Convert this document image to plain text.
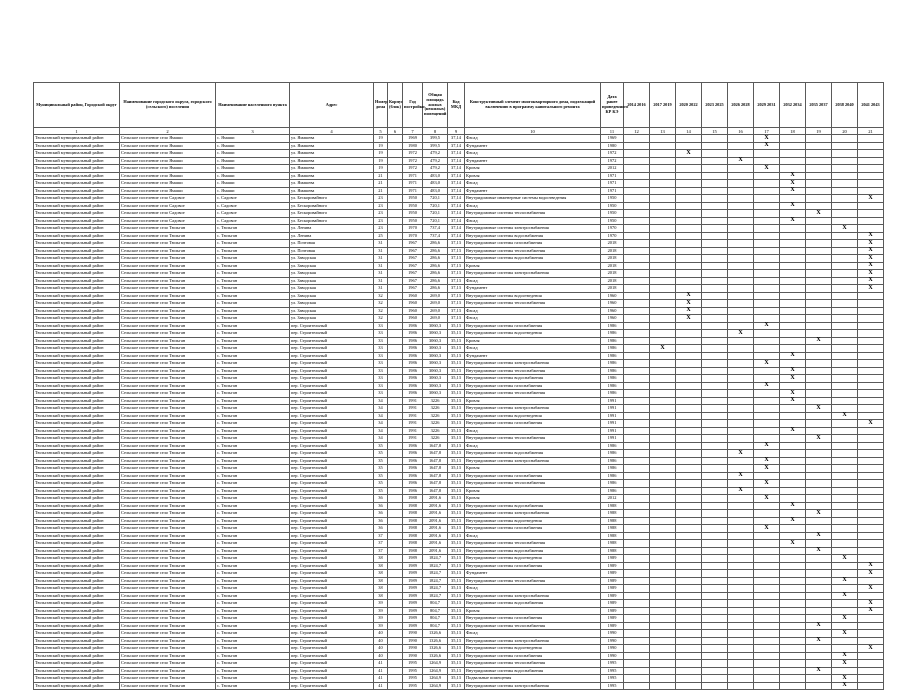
Муниципальный район, Городской округ	Наименование городского округа, городского (сельского) поселения	Наименование населенного пункта	Адрес	Номер дома	Корпус (блок)	Год постройки	Общая площадь жилых (нежилых) помещений	Код МКД	Конструктивный элемент многоквартирного дома, подлежащий включению в программу капитального ремонта	Дата ранее проведенного КР КЭ	2014 2016	2017 2019	2020 2022	2023 2025	2026 2028	2029 2031	2032 2034	2035 2037	2038 2040	2041 2043
1	2	3	4	5	6	7	8	9	10	11	12	13	14	15	16	17	18	19	20	21
Тюльганский муниципальный район	Сельское поселение село Ямаши	с. Ямаши	ул. Ямашева	19		1969	399,5	37,14	Фасад	1969						X				
Тюльганский муниципальный район	Сельское поселение село Ямаши	с. Ямаши	ул. Ямашева	19		1980	399,5	37,14	Фундамент	1980						X				
Тюльганский муниципальный район	Сельское поселение село Ямаши	с. Ямаши	ул. Ямашева	19		1972	479,2	37,14	Фасад	1972			X							
Тюльганский муниципальный район	Сельское поселение село Ямаши	с. Ямаши	ул. Ямашева	19		1972	479,2	37,14	Фундамент	1972					X					
Тюльганский муниципальный район	Сельское поселение село Ямаши	с. Ямаши	ул. Ямашева	19		1972	479,2	37,14	Кровля	2012						X				
Тюльганский муниципальный район	Сельское поселение село Ямаши	с. Ямаши	ул. Ямашева	21		1971	483,0	37,14	Кровля	1971							X			
Тюльганский муниципальный район	Сельское поселение село Ямаши	с. Ямаши	ул. Ямашева	21		1971	483,0	37,14	Фасад	1971							X			
Тюльганский муниципальный район	Сельское поселение село Ямаши	с. Ямаши	ул. Ямашева	21		1971	483,0	37,14	Фундамент	1971							X			
Тюльганский муниципальный район	Сельское поселение село Садовое	с. Садовое	ул. Бескоровайного	23		1950	720,1	37,14	Внутридомовые инженерные системы водоотведения	1950										X
Тюльганский муниципальный район	Сельское поселение село Садовое	с. Садовое	ул. Бескоровайного	23		1950	720,1	37,14	Фасад	1950							X			
Тюльганский муниципальный район	Сельское поселение село Садовое	с. Садовое	ул. Бескоровайного	23		1950	720,1	37,14	Внутридомовые системы теплоснабжения	1950								X		
Тюльганский муниципальный район	Сельское поселение село Садовое	с. Садовое	ул. Бескоровайного	23		1950	720,1	37,14	Фасад	1950							X			
Тюльганский муниципальный район	Сельское поселение село Тюльган	с. Тюльган	ул. Ленина	23		1970	737,4	37,14	Внутридомовые системы электроснабжения	1970									X	
Тюльганский муниципальный район	Сельское поселение село Тюльган	с. Тюльган	ул. Ленина	25		1970	737,4	37,14	Внутридомовые системы водоснабжения	1970										X
Тюльганский муниципальный район	Сельское поселение село Тюльган	с. Тюльган	ул. Почтовая	31		1967	286,6	37,13	Внутридомовые системы газоснабжения	2018										X
Тюльганский муниципальный район	Сельское поселение село Тюльган	с. Тюльган	ул. Почтовая	31		1967	286,6	37,13	Внутридомовые системы теплоснабжения	2018										X
Тюльганский муниципальный район	Сельское поселение село Тюльган	с. Тюльган	ул. Заводская	31		1967	286,6	37,13	Внутридомовые системы водоснабжения	2018										X
Тюльганский муниципальный район	Сельское поселение село Тюльган	с. Тюльган	ул. Заводская	31		1967	286,6	37,13	Кровля	2018										X
Тюльганский муниципальный район	Сельское поселение село Тюльган	с. Тюльган	ул. Заводская	31		1967	286,6	37,13	Внутридомовые системы электроснабжения	2018										X
Тюльганский муниципальный район	Сельское поселение село Тюльган	с. Тюльган	ул. Заводская	31		1967	286,6	37,13	Фасад	2018										X
Тюльганский муниципальный район	Сельское поселение село Тюльган	с. Тюльган	ул. Заводская	31		1967	286,6	37,13	Фундамент	2018										X
Тюльганский муниципальный район	Сельское поселение село Тюльган	с. Тюльган	ул. Заводская	32		1960	269,0	37,13	Внутридомовые системы водоотведения	1960			X							
Тюльганский муниципальный район	Сельское поселение село Тюльган	с. Тюльган	ул. Заводская	32		1960	269,0	37,13	Внутридомовые системы теплоснабжения	1960			X							
Тюльганский муниципальный район	Сельское поселение село Тюльган	с. Тюльган	ул. Заводская	32		1960	269,0	37,13	Фасад	1960			X							
Тюльганский муниципальный район	Сельское поселение село Тюльган	с. Тюльган	ул. Заводская	32		1960	269,0	37,13	Фасад	1960			X							
Тюльганский муниципальный район	Сельское поселение село Тюльган	с. Тюльган	пер. Строительный	33		1986	3060,3	35,13	Внутридомовые системы газоснабжения	1986						X				
Тюльганский муниципальный район	Сельское поселение село Тюльган	с. Тюльган	пер. Строительный	33		1986	3060,3	35,13	Внутридомовые системы водоотведения	1986					X					
Тюльганский муниципальный район	Сельское поселение село Тюльган	с. Тюльган	пер. Строительный	33		1986	3060,3	35,13	Кровля	1986								X		
Тюльганский муниципальный район	Сельское поселение село Тюльган	с. Тюльган	пер. Строительный	33		1986	3060,3	35,13	Фасад	1986		X								
Тюльганский муниципальный район	Сельское поселение село Тюльган	с. Тюльган	пер. Строительный	33		1986	3060,3	35,13	Фундамент	1986							X			
Тюльганский муниципальный район	Сельское поселение село Тюльган	с. Тюльган	пер. Строительный	33		1986	3060,3	35,13	Внутридомовые системы электроснабжения	1986						X				
Тюльганский муниципальный район	Сельское поселение село Тюльган	с. Тюльган	пер. Строительный	33		1986	3060,3	35,13	Внутридомовые системы теплоснабжения	1986							X			
Тюльганский муниципальный район	Сельское поселение село Тюльган	с. Тюльган	пер. Строительный	33		1986	3060,3	35,13	Внутридомовые системы водоснабжения	1986							X			
Тюльганский муниципальный район	Сельское поселение село Тюльган	с. Тюльган	пер. Строительный	33		1986	3060,3	35,13	Внутридомовые системы газоснабжения	1986						X				
Тюльганский муниципальный район	Сельское поселение село Тюльган	с. Тюльган	пер. Строительный	33		1986	3060,3	35,13	Внутридомовые системы теплоснабжения	1986							X			
Тюльганский муниципальный район	Сельское поселение село Тюльган	с. Тюльган	пер. Строительный	34		1991	3226	35,13	Кровля	1991							X			
Тюльганский муниципальный район	Сельское поселение село Тюльган	с. Тюльган	пер. Строительный	34		1991	3226	35,13	Внутридомовые системы электроснабжения	1991								X		
Тюльганский муниципальный район	Сельское поселение село Тюльган	с. Тюльган	пер. Строительный	34		1991	3226	35,13	Внутридомовые системы водоотведения	1991									X	
Тюльганский муниципальный район	Сельское поселение село Тюльган	с. Тюльган	пер. Строительный	34		1991	3226	35,13	Внутридомовые системы газоснабжения	1991										X
Тюльганский муниципальный район	Сельское поселение село Тюльган	с. Тюльган	пер. Строительный	34		1991	3226	35,13	Фасад	1991							X			
Тюльганский муниципальный район	Сельское поселение село Тюльган	с. Тюльган	пер. Строительный	34		1991	3226	35,13	Внутридомовые системы теплоснабжения	1991								X		
Тюльганский муниципальный район	Сельское поселение село Тюльган	с. Тюльган	пер. Строительный	35		1986	1647,8	35,13	Фасад	1986						X				
Тюльганский муниципальный район	Сельское поселение село Тюльган	с. Тюльган	пер. Строительный	35		1986	1647,8	35,13	Внутридомовые системы водоснабжения	1986					X					
Тюльганский муниципальный район	Сельское поселение село Тюльган	с. Тюльган	пер. Строительный	35		1986	1647,8	35,13	Внутридомовые системы электроснабжения	1986						X				
Тюльганский муниципальный район	Сельское поселение село Тюльган	с. Тюльган	пер. Строительный	35		1986	1647,8	35,13	Кровля	1986						X				
Тюльганский муниципальный район	Сельское поселение село Тюльган	с. Тюльган	пер. Строительный	35		1986	1647,8	35,13	Внутридомовые системы газоснабжения	1986					X					
Тюльганский муниципальный район	Сельское поселение село Тюльган	с. Тюльган	пер. Строительный	35		1986	1647,8	35,13	Внутридомовые системы теплоснабжения	1986						X				
Тюльганский муниципальный район	Сельское поселение село Тюльган	с. Тюльган	пер. Строительный	35		1986	1647,8	35,13	Кровля	1986					X					
Тюльганский муниципальный район	Сельское поселение село Тюльган	с. Тюльган	пер. Строительный	36		1988	2091,6	35,13	Кровля	2012						X				
Тюльганский муниципальный район	Сельское поселение село Тюльган	с. Тюльган	пер. Строительный	36		1988	2091,6	35,13	Внутридомовые системы водоснабжения	1988							X			
Тюльганский муниципальный район	Сельское поселение село Тюльган	с. Тюльган	пер. Строительный	36		1988	2091,6	35,13	Внутридомовые системы электроснабжения	1988								X		
Тюльганский муниципальный район	Сельское поселение село Тюльган	с. Тюльган	пер. Строительный	36		1988	2091,6	35,13	Внутридомовые системы водоотведения	1988							X			
Тюльганский муниципальный район	Сельское поселение село Тюльган	с. Тюльган	пер. Строительный	36		1988	2091,6	35,13	Внутридомовые системы газоснабжения	1988						X				
Тюльганский муниципальный район	Сельское поселение село Тюльган	с. Тюльган	пер. Строительный	37		1988	2091,6	35,13	Фасад	1988								X		
Тюльганский муниципальный район	Сельское поселение село Тюльган	с. Тюльган	пер. Строительный	37		1988	2091,6	35,13	Внутридомовые системы теплоснабжения	1988							X			
Тюльганский муниципальный район	Сельское поселение село Тюльган	с. Тюльган	пер. Строительный	37		1988	2091,6	35,13	Внутридомовые системы водоснабжения	1988								X		
Тюльганский муниципальный район	Сельское поселение село Тюльган	с. Тюльган	пер. Строительный	38		1989	1824,7	35,13	Внутридомовые системы водоотведения	1989									X	
Тюльганский муниципальный район	Сельское поселение село Тюльган	с. Тюльган	пер. Строительный	38		1989	1824,7	35,13	Внутридомовые системы газоснабжения	1989										X
Тюльганский муниципальный район	Сельское поселение село Тюльган	с. Тюльган	пер. Строительный	38		1989	1824,7	35,13	Фундамент	1989										X
Тюльганский муниципальный район	Сельское поселение село Тюльган	с. Тюльган	пер. Строительный	38		1989	1824,7	35,13	Внутридомовые системы теплоснабжения	1989									X	
Тюльганский муниципальный район	Сельское поселение село Тюльган	с. Тюльган	пер. Строительный	38		1989	1824,7	35,13	Фасад	1989										X
Тюльганский муниципальный район	Сельское поселение село Тюльган	с. Тюльган	пер. Строительный	38		1989	1824,7	35,13	Внутридомовые системы электроснабжения	1989									X	
Тюльганский муниципальный район	Сельское поселение село Тюльган	с. Тюльган	пер. Строительный	39		1989	804,7	35,13	Внутридомовые системы водоснабжения	1989										X
Тюльганский муниципальный район	Сельское поселение село Тюльган	с. Тюльган	пер. Строительный	39		1989	804,7	35,13	Кровля	1989										X
Тюльганский муниципальный район	Сельское поселение село Тюльган	с. Тюльган	пер. Строительный	39		1989	804,7	35,13	Внутридомовые системы газоснабжения	1989									X	
Тюльганский муниципальный район	Сельское поселение село Тюльган	с. Тюльган	пер. Строительный	39		1989	804,7	35,13	Внутридомовые системы теплоснабжения	1989								X		
Тюльганский муниципальный район	Сельское поселение село Тюльган	с. Тюльган	пер. Строительный	40		1990	1326,6	35,13	Фасад	1990									X	
Тюльганский муниципальный район	Сельское поселение село Тюльган	с. Тюльган	пер. Строительный	40		1990	1326,6	35,13	Внутридомовые системы электроснабжения	1990								X		
Тюльганский муниципальный район	Сельское поселение село Тюльган	с. Тюльган	пер. Строительный	40		1990	1326,6	35,13	Внутридомовые системы водоотведения	1990										X
Тюльганский муниципальный район	Сельское поселение село Тюльган	с. Тюльган	пер. Строительный	40		1990	1326,6	35,13	Внутридомовые системы газоснабжения	1990									X	
Тюльганский муниципальный район	Сельское поселение село Тюльган	с. Тюльган	пер. Строительный	41		1995	1264,9	35,13	Внутридомовые системы теплоснабжения	1995									X	
Тюльганский муниципальный район	Сельское поселение село Тюльган	с. Тюльган	пер. Строительный	41		1995	1264,9	35,13	Внутридомовые системы водоснабжения	1995								X		
Тюльганский муниципальный район	Сельское поселение село Тюльган	с. Тюльган	пер. Строительный	41		1995	1264,9	35,13	Подвальные помещения	1995									X	
Тюльганский муниципальный район	Сельское поселение село Тюльган	с. Тюльган	пер. Строительный	41		1995	1264,9	35,13	Внутридомовые системы электроснабжения	1995									X	
